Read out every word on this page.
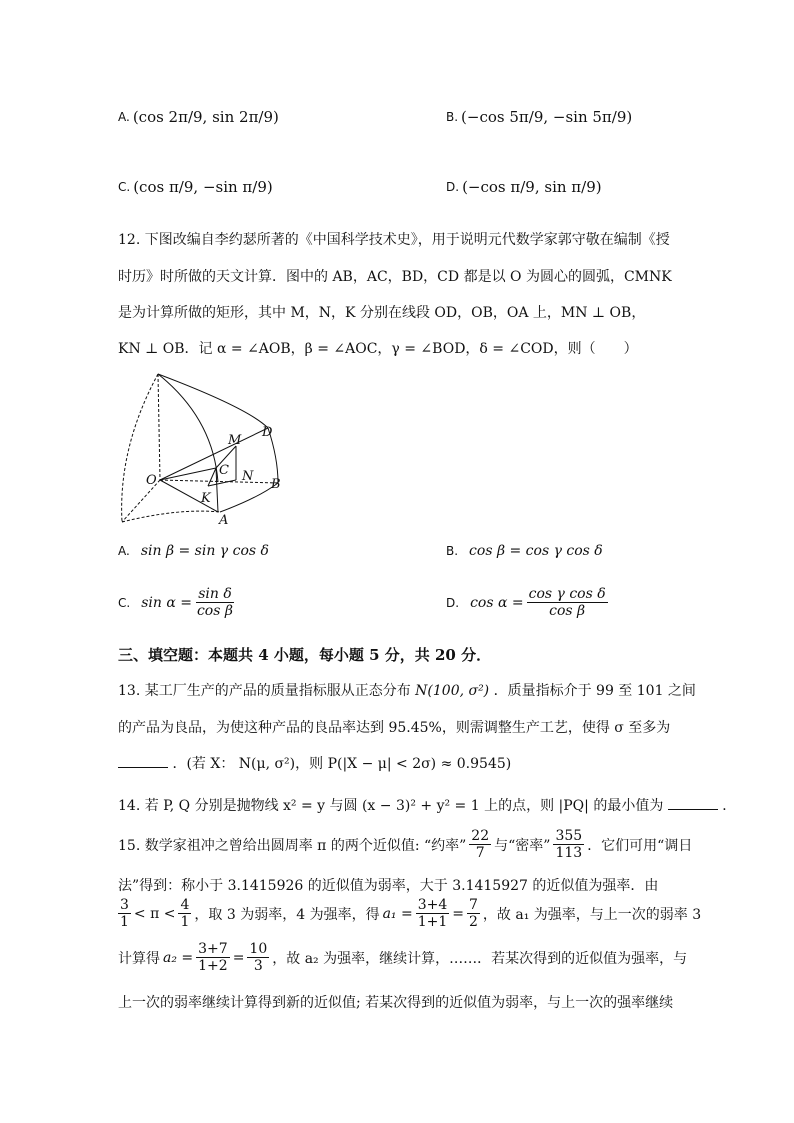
A. (cos 2π/9, sin 2π/9)	B. (−cos 5π/9, −sin 5π/9)
C. (cos π/9, −sin π/9)	D. (−cos π/9, sin π/9)
12. 下图改编自李约瑟所著的《中国科学技术史》，用于说明元代数学家郭守敬在编制《授
时历》时所做的天文计算．图中的 AB，AC，BD，CD 都是以 O 为圆心的圆弧，CMNK
是为计算所做的矩形，其中 M，N，K 分别在线段 OD，OB，OA 上，MN ⊥ OB，
KN ⊥ OB．记 α = ∠AOB，β = ∠AOC，γ = ∠BOD，δ = ∠COD，则（　　）
D
M
C N
O	B
K
A
A. sin β = sin γ cos δ	B. cos β = cos γ cos δ
C. $\sin \alpha = \frac{\text{sin δ}}{\text{cos β}}$	D. $\cos \alpha = \frac{\text{cos γ cos δ}}{\text{cos β}}$
三、填空题：本题共 4 小题，每小题 5 分，共 20 分．
13. 某工厂生产的产品的质量指标服从正态分布 N(100, σ²) ．质量指标介于 99 至 101 之间
的产品为良品，为使这种产品的良品率达到 95.45%，则需调整生产工艺，使得 σ 至多为
．(若 X： N(μ, σ²)，则 P(|X − μ| < 2σ) ≈ 0.9545)
14. 若 P, Q 分别是抛物线 x² = y 与圆 (x − 3)² + y² = 1 上的点，则 |PQ| 的最小值为	．
15. 数学家祖冲之曾给出圆周率 π 的两个近似值: “约率” $\frac{22}{7}$ 与“密率” $\frac{355}{113}$ ．它们可用“调日
法”得到：称小于 3.1415926 的近似值为弱率，大于 3.1415927 的近似值为强率．由
$\frac{3}{1} < \pi < \frac{4}{1}$ ，取 3 为弱率，4 为强率，得 $a_1 = \frac{3+4}{1+1} = \frac{7}{2}$ ，故 a₁ 为强率，与上一次的弱率 3
计算得 $a_2 = \frac{3+7}{1+2} = \frac{10}{3}$ ，故 a₂ 为强率，继续计算，……．若某次得到的近似值为强率，与
上一次的弱率继续计算得到新的近似值; 若某次得到的近似值为弱率，与上一次的强率继续
